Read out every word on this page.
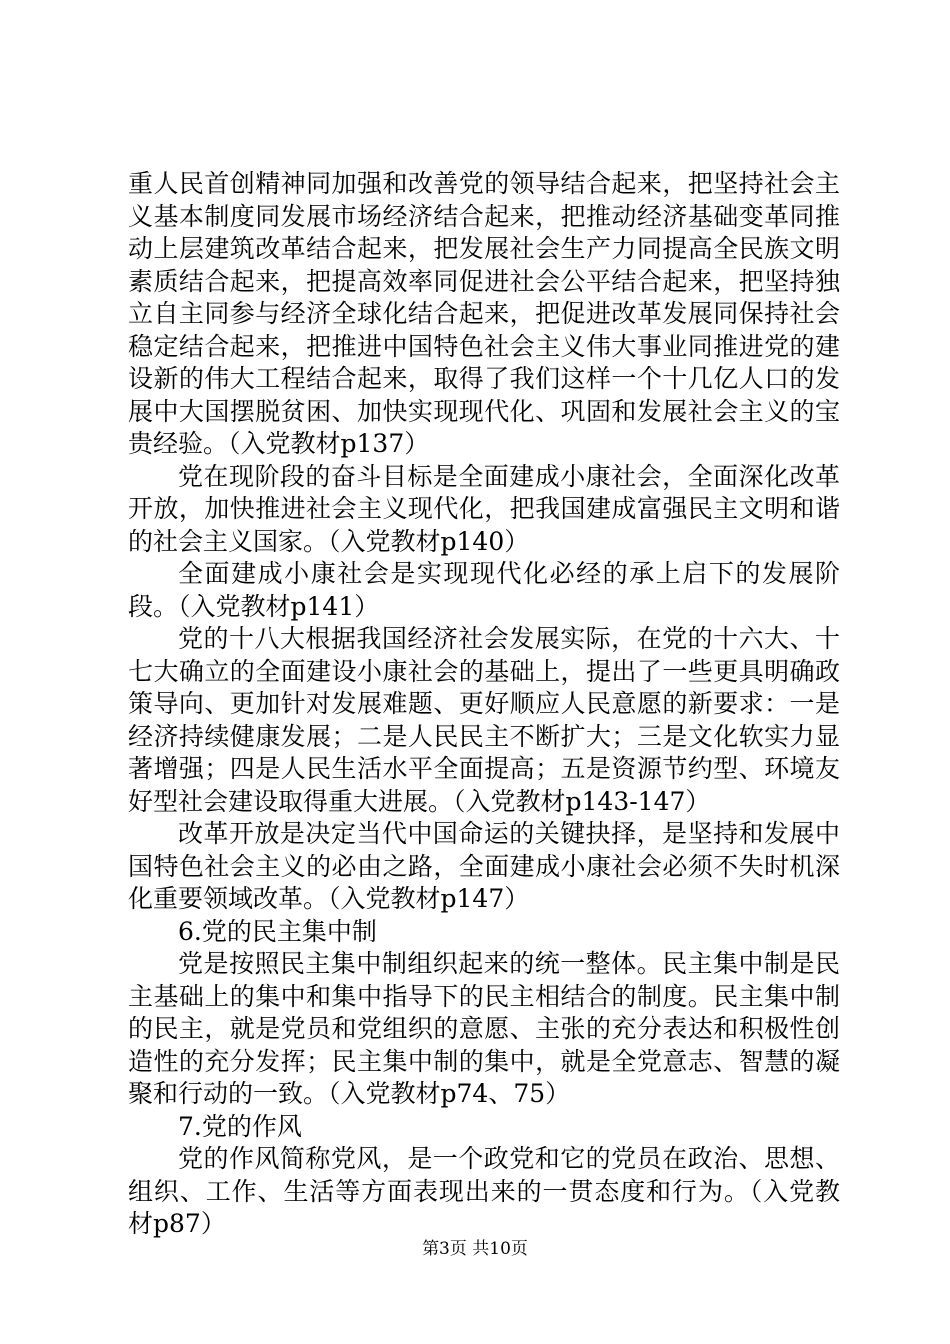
重人民首创精神同加强和改善党的领导结合起来，把坚持社会主义基本制度同发展市场经济结合起来，把推动经济基础变革同推动上层建筑改革结合起来，把发展社会生产力同提高全民族文明素质结合起来，把提高效率同促进社会公平结合起来，把坚持独立自主同参与经济全球化结合起来，把促进改革发展同保持社会稳定结合起来，把推进中国特色社会主义伟大事业同推进党的建设新的伟大工程结合起来，取得了我们这样一个十几亿人口的发展中大国摆脱贫困、加快实现现代化、巩固和发展社会主义的宝贵经验。（入党教材p137）

党在现阶段的奋斗目标是全面建成小康社会，全面深化改革开放，加快推进社会主义现代化，把我国建成富强民主文明和谐的社会主义国家。（入党教材p140）

全面建成小康社会是实现现代化必经的承上启下的发展阶段。（入党教材p141）

党的十八大根据我国经济社会发展实际，在党的十六大、十七大确立的全面建设小康社会的基础上，提出了一些更具明确政策导向、更加针对发展难题、更好顺应人民意愿的新要求：一是经济持续健康发展；二是人民民主不断扩大；三是文化软实力显著增强；四是人民生活水平全面提高；五是资源节约型、环境友好型社会建设取得重大进展。（入党教材p143-147）

改革开放是决定当代中国命运的关键抉择，是坚持和发展中国特色社会主义的必由之路，全面建成小康社会必须不失时机深化重要领域改革。（入党教材p147）

6.党的民主集中制

党是按照民主集中制组织起来的统一整体。民主集中制是民主基础上的集中和集中指导下的民主相结合的制度。民主集中制的民主，就是党员和党组织的意愿、主张的充分表达和积极性创造性的充分发挥；民主集中制的集中，就是全党意志、智慧的凝聚和行动的一致。（入党教材p74、75）

7.党的作风

党的作风简称党风，是一个政党和它的党员在政治、思想、组织、工作、生活等方面表现出来的一贯态度和行为。（入党教材p87）

第3页 共10页
